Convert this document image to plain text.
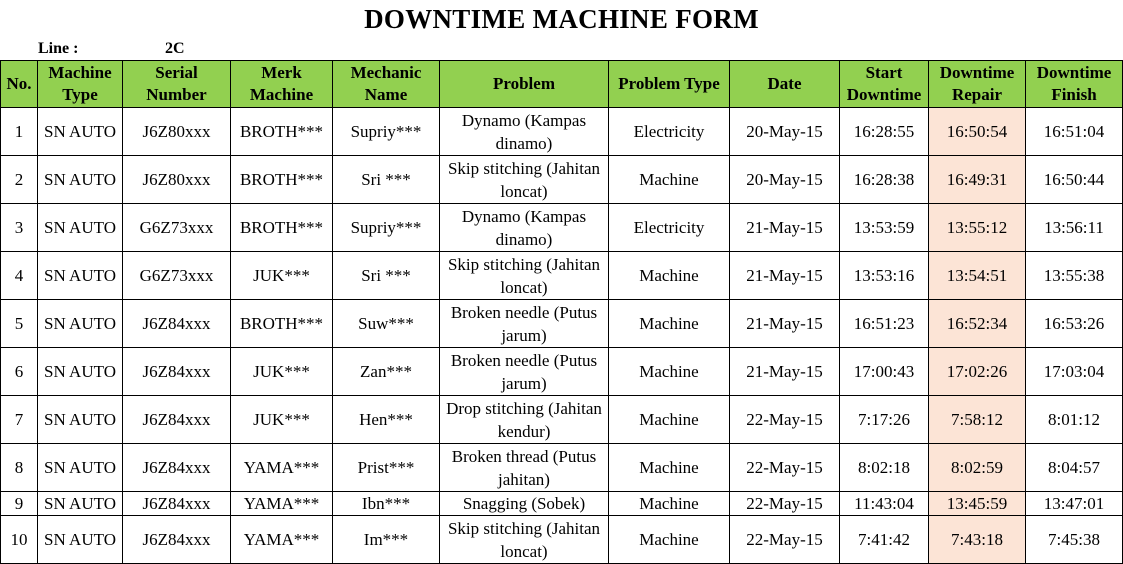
DOWNTIME MACHINE FORM
Line :	2C
No.	Machine Type	Serial Number	Merk Machine	Mechanic Name	Problem	Problem Type	Date	Start Downtime	Downtime Repair	Downtime Finish
1	SN AUTO	J6Z80xxx	BROTH***	Supriy***	Dynamo (Kampas dinamo)	Electricity	20-May-15	16:28:55	16:50:54	16:51:04
2	SN AUTO	J6Z80xxx	BROTH***	Sri ***	Skip stitching (Jahitan loncat)	Machine	20-May-15	16:28:38	16:49:31	16:50:44
3	SN AUTO	G6Z73xxx	BROTH***	Supriy***	Dynamo (Kampas dinamo)	Electricity	21-May-15	13:53:59	13:55:12	13:56:11
4	SN AUTO	G6Z73xxx	JUK***	Sri ***	Skip stitching (Jahitan loncat)	Machine	21-May-15	13:53:16	13:54:51	13:55:38
5	SN AUTO	J6Z84xxx	BROTH***	Suw***	Broken needle (Putus jarum)	Machine	21-May-15	16:51:23	16:52:34	16:53:26
6	SN AUTO	J6Z84xxx	JUK***	Zan***	Broken needle (Putus jarum)	Machine	21-May-15	17:00:43	17:02:26	17:03:04
7	SN AUTO	J6Z84xxx	JUK***	Hen***	Drop stitching (Jahitan kendur)	Machine	22-May-15	7:17:26	7:58:12	8:01:12
8	SN AUTO	J6Z84xxx	YAMA***	Prist***	Broken thread (Putus jahitan)	Machine	22-May-15	8:02:18	8:02:59	8:04:57
9	SN AUTO	J6Z84xxx	YAMA***	Ibn***	Snagging (Sobek)	Machine	22-May-15	11:43:04	13:45:59	13:47:01
10	SN AUTO	J6Z84xxx	YAMA***	Im***	Skip stitching (Jahitan loncat)	Machine	22-May-15	7:41:42	7:43:18	7:45:38
